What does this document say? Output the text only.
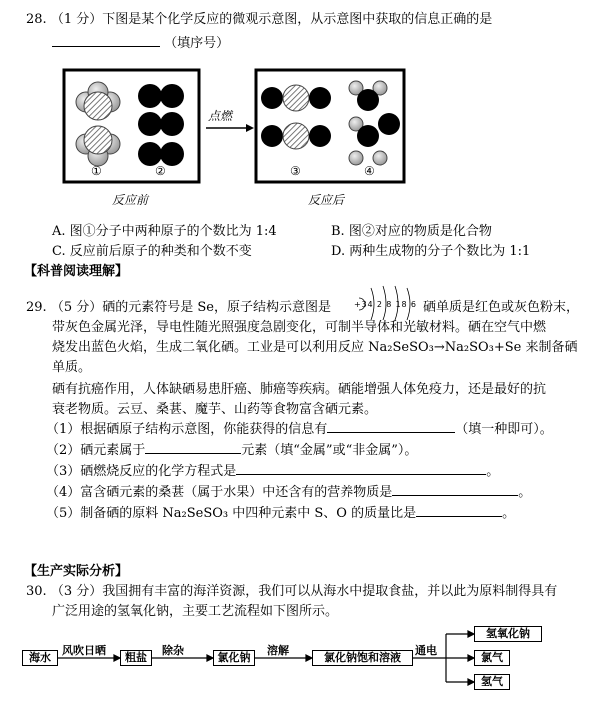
28. （1 分）下图是某个化学反应的微观示意图，从示意图中获取的信息正确的是
（填序号）
①	②
点燃
③	④
反应前	反应后
A. 图①分子中两种原子的个数比为 1:4	B. 图②对应的物质是化合物
C. 反应前后原子的种类和个数不变	D. 两种生成物的分子个数比为 1:1
【科普阅读理解】
29. （5 分）硒的元素符号是 Se，原子结构示意图是	+34 2 8 18 6 硒单质是红色或灰色粉末，
带灰色金属光泽，导电性随光照强度急剧变化，可制半导体和光敏材料。硒在空气中燃
烧发出蓝色火焰，生成二氧化硒。工业是可以利用反应 Na₂SeSO₃→Na₂SO₃+Se 来制备硒
单质。
硒有抗癌作用，人体缺硒易患肝癌、肺癌等疾病。硒能增强人体免疫力，还是最好的抗
衰老物质。云豆、桑葚、魔芋、山药等食物富含硒元素。
（1）根据硒原子结构示意图，你能获得的信息有	（填一种即可）。
（2）硒元素属于	元素（填“金属”或“非金属”）。
（3）硒燃烧反应的化学方程式是	。
（4）富含硒元素的桑葚（属于水果）中还含有的营养物质是	。
（5）制备硒的原料 Na₂SeSO₃ 中四种元素中 S、O 的质量比是	。
【生产实际分析】
30. （3 分）我国拥有丰富的海洋资源，我们可以从海水中提取食盐，并以此为原料制得具有
广泛用途的氢氧化钠，主要工艺流程如下图所示。
海水
风吹日晒
粗盐
除杂
氯化钠
溶解
氯化钠饱和溶液
通电
氢氧化钠
氯气
氢气
